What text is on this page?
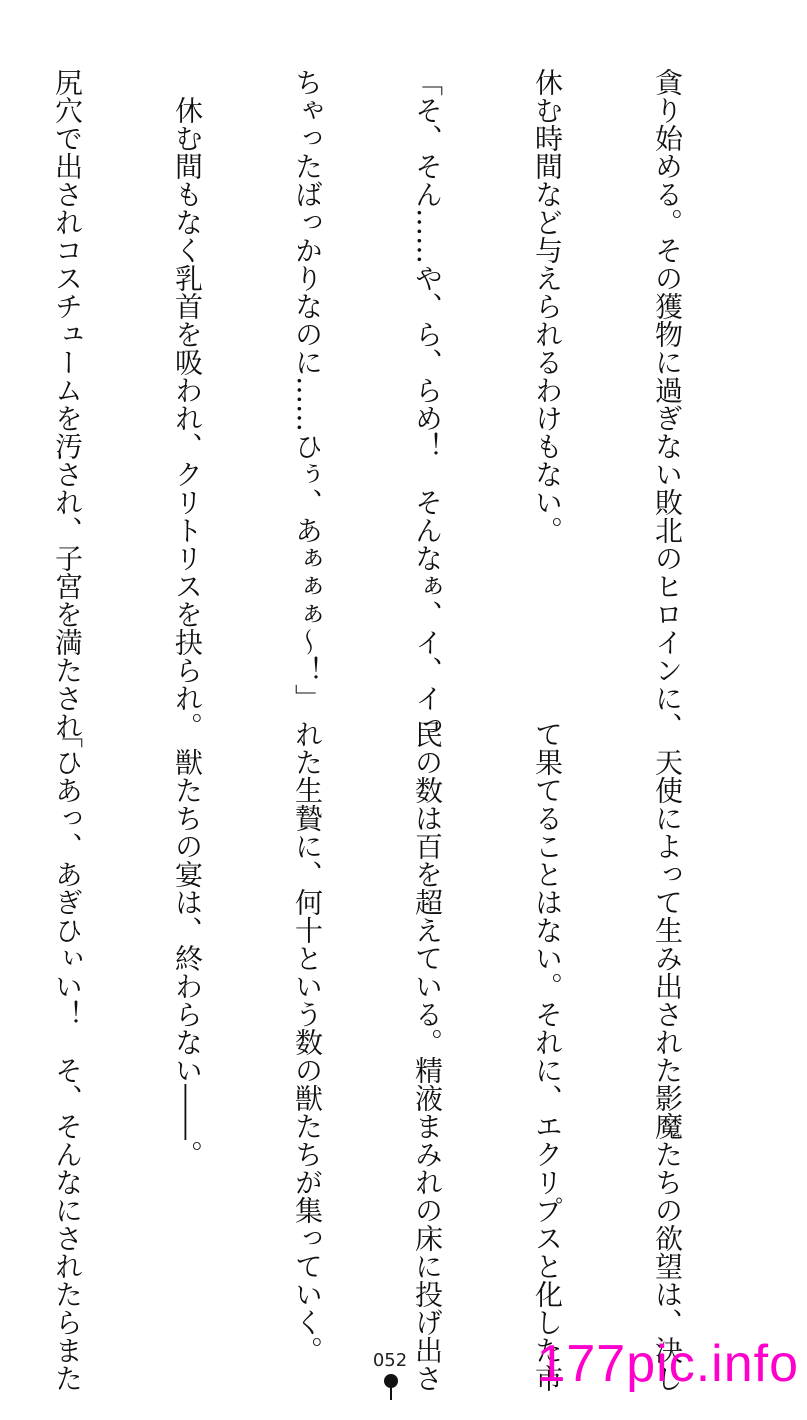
貪り始める。その獲物に過ぎない敗北のヒロインに、

休む時間など与えられるわけもない。

「そ、そん……や、ら、らめ！　そんなぁ、イ、イっ

ちゃったばっかりなのに……ひぅ、あぁぁぁ～！」

　休む間もなく乳首を吸われ、クリトリスを抉られ。

尻穴で出されコスチュームを汚され、子宮を満たされ

　天使によって生み出された影魔たちの欲望は、決し

て果てることはない。それに、エクリプスと化した市

民の数は百を超えている。精液まみれの床に投げ出さ

れた生贄に、何十という数の獣たちが集っていく。

　獣たちの宴は、終わらない――。

「ひあっ、あぎひぃい！　そ、そんなにされたらまた

	052 177pic.info
